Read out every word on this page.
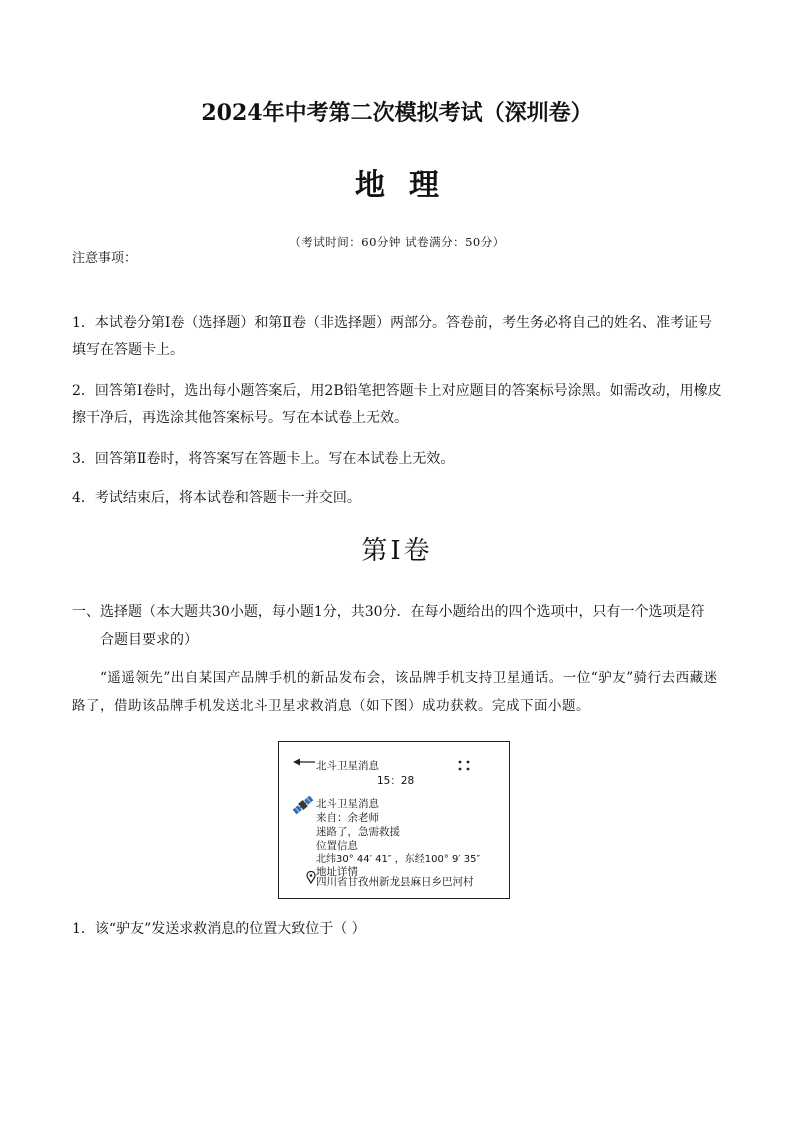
2024年中考第二次模拟考试（深圳卷）
地理
（考试时间：60分钟 试卷满分：50分）
注意事项：
1．本试卷分第Ⅰ卷（选择题）和第Ⅱ卷（非选择题）两部分。答卷前，考生务必将自己的姓名、准考证号填写在答题卡上。
2．回答第Ⅰ卷时，选出每小题答案后，用2B铅笔把答题卡上对应题目的答案标号涂黑。如需改动，用橡皮擦干净后，再选涂其他答案标号。写在本试卷上无效。
3．回答第Ⅱ卷时，将答案写在答题卡上。写在本试卷上无效。
4．考试结束后，将本试卷和答题卡一并交回。
第Ⅰ卷
一、选择题（本大题共30小题，每小题1分，共30分．在每小题给出的四个选项中，只有一个选项是符
合题目要求的）
“遥遥领先”出自某国产品牌手机的新品发布会，该品牌手机支持卫星通话。一位“驴友”骑行去西藏迷路了，借助该品牌手机发送北斗卫星求救消息（如下图）成功获救。完成下面小题。
北斗卫星消息
15：28
北斗卫星消息
来自：余老师
迷路了，急需救援
位置信息
北纬30° 44′ 41″ ，东经100° 9′ 35″
地址详情
四川省甘孜州新龙县麻日乡巴河村
1．该“驴友”发送求救消息的位置大致位于（ ）
